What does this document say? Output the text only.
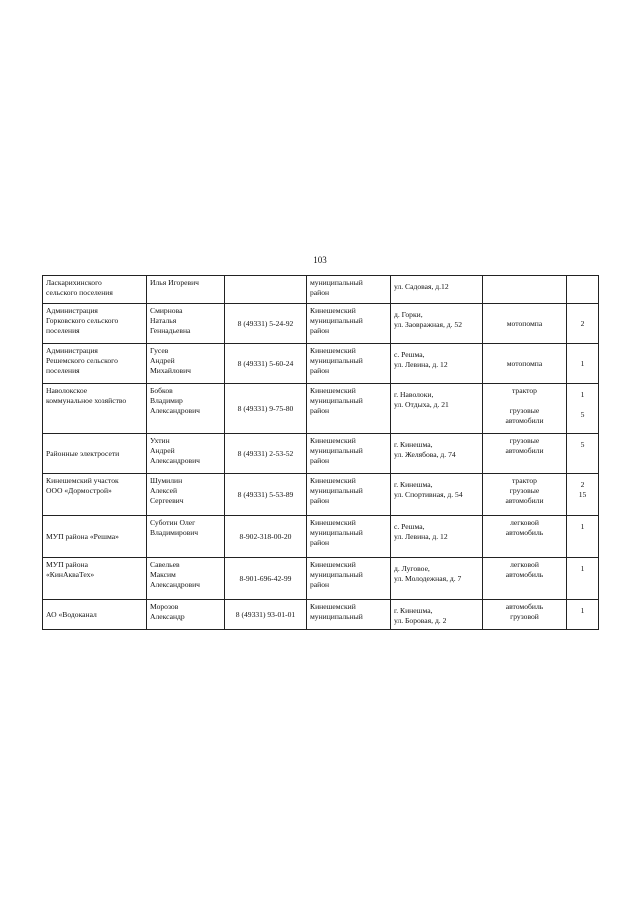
103
Ласкарихинского
сельского поселения	Илья Игоревич		муниципальный
район	ул. Садовая, д.12		

Администрация
Горковского сельского
поселения	Смирнова
Наталья
Геннадьевна	8 (49331) 5-24-92	Кинешемский
муниципальный
район	д. Горки,
ул. Заовражная, д. 52	мотопомпа	2

Администрация
Решемского сельского
поселения	Гусев
Андрей
Михайлович	8 (49331) 5-60-24	Кинешемский
муниципальный
район	с. Решма,
ул. Левина, д. 12	мотопомпа	1

Наволокское
коммунальное хозяйство	Бобков
Владимир
Александрович	8 (49331) 9-75-80	Кинешемский
муниципальный
район	г. Наволоки,
ул. Отдыха, д. 21	трактор
грузовые
автомобили	1
5

Районные электросети	Ухтин
Андрей
Александрович	8 (49331) 2-53-52	Кинешемский
муниципальный
район	г. Кинешма,
ул. Желябова, д. 74	грузовые
автомобили	5

Кинешемский участок
ООО «Дормострой»	Шумилин
Алексей
Сергеевич	8 (49331) 5-53-89	Кинешемский
муниципальный
район	г. Кинешма,
ул. Спортивная, д. 54	трактор
грузовые
автомобили	2
15

МУП района «Решма»	Суботин Олег
Владимирович	8-902-318-00-20	Кинешемский
муниципальный
район	с. Решма,
ул. Левина, д. 12	легковой
автомобиль	1

МУП района
«КинАкваТех»	Савельев
Максим
Александрович	8-901-696-42-99	Кинешемский
муниципальный
район	д. Луговое,
ул. Молодежная, д. 7	легковой
автомобиль	1

АО «Водоканал	Морозов
Александр	8 (49331) 93-01-01	Кинешемский
муниципальный	г. Кинешма,
ул. Боровая, д. 2	автомобиль
грузовой	1
